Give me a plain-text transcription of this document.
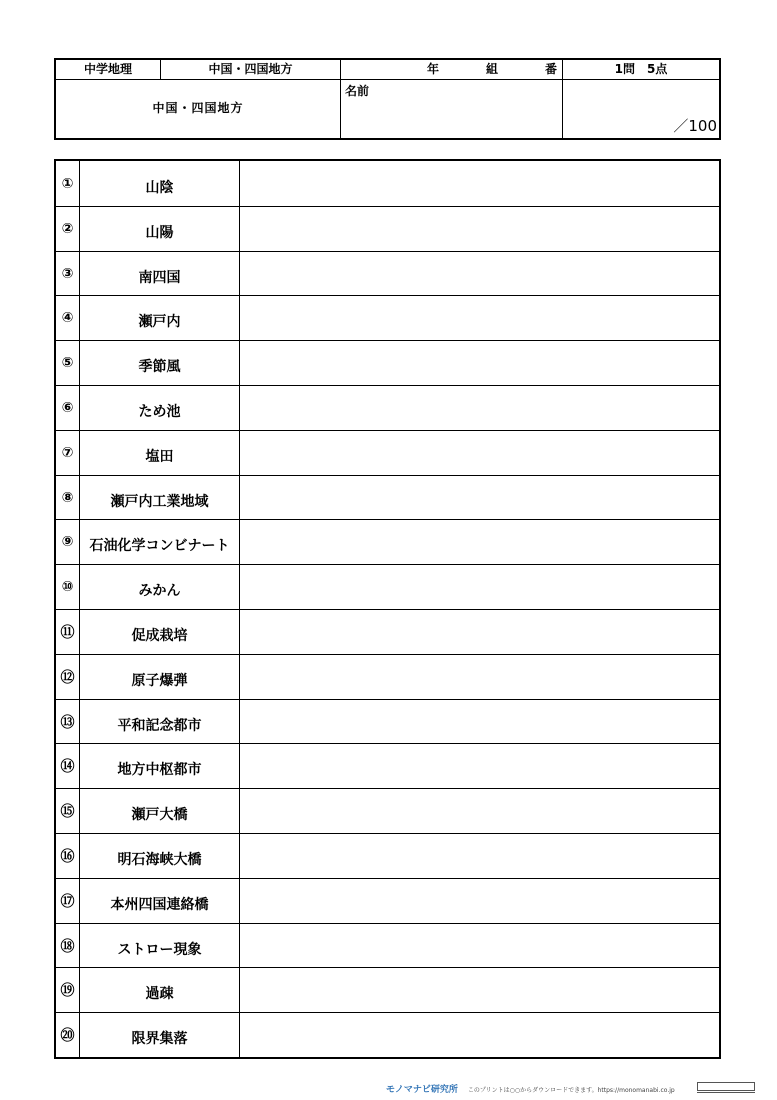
中学地理	中国・四国地方	年	組	番	1問　5点
中国・四国地方
名前
／100
①	山陰
②	山陽
③	南四国
④	瀬戸内
⑤	季節風
⑥	ため池
⑦	塩田
⑧	瀬戸内工業地域
⑨	石油化学コンビナート
⑩	みかん
⑪	促成栽培
⑫	原子爆弾
⑬	平和記念都市
⑭	地方中枢都市
⑮	瀬戸大橋
⑯	明石海峡大橋
⑰	本州四国連絡橋
⑱	ストロー現象
⑲	過疎
⑳	限界集落
モノマナビ研究所 このプリントは○○からダウンロードできます。https://monomanabi.co.jp
